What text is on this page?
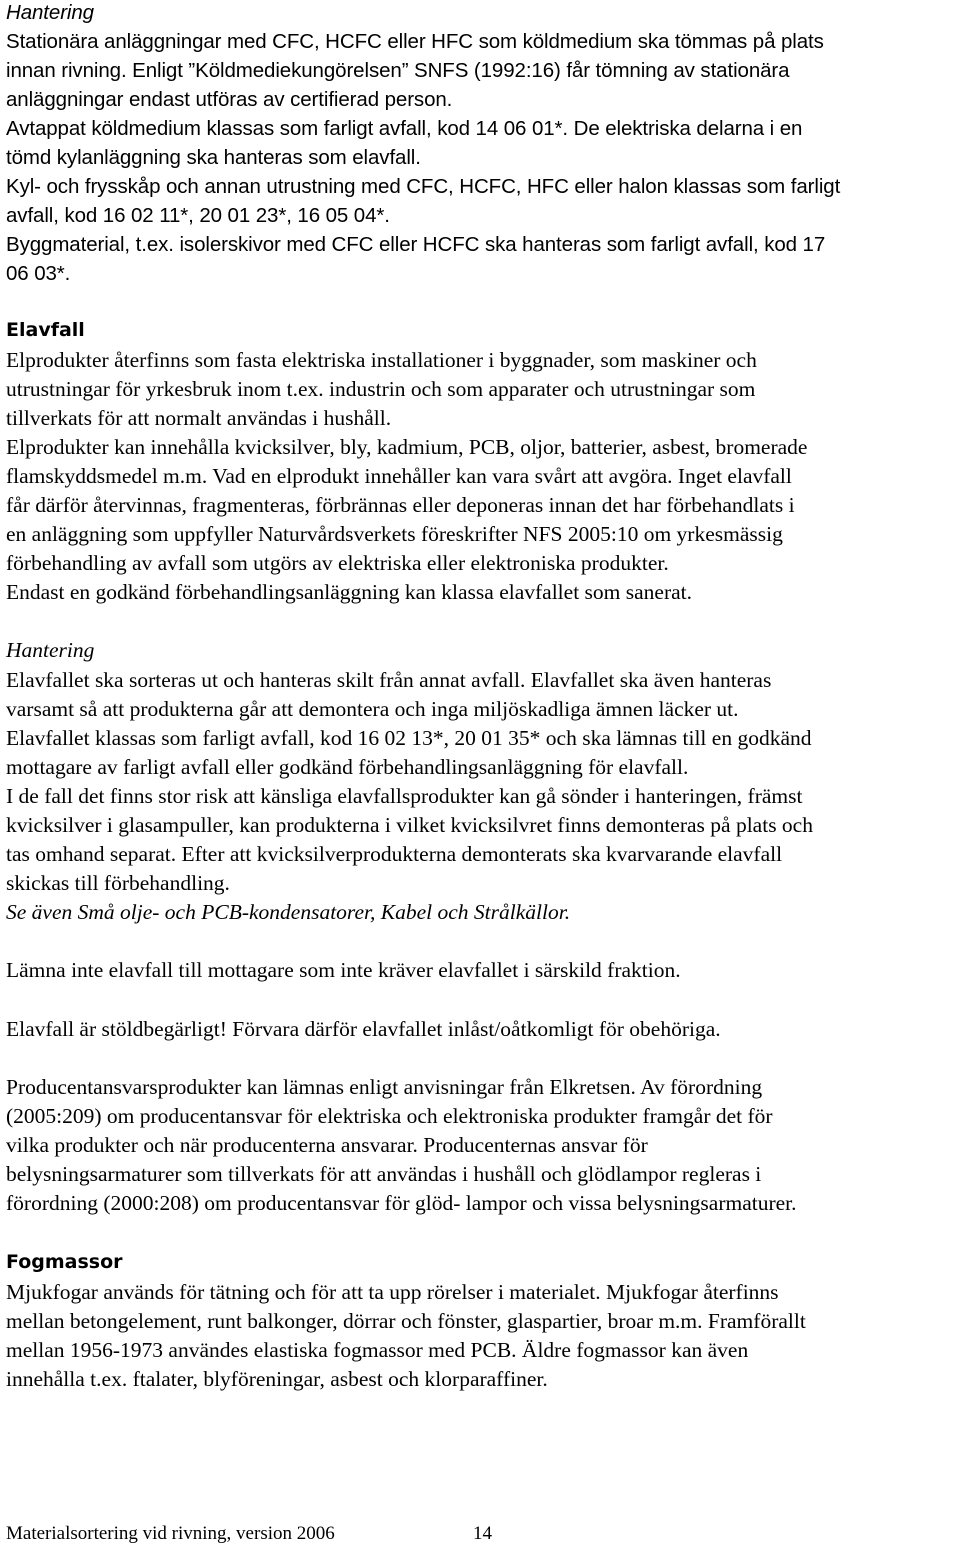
Hantering
Stationära anläggningar med CFC, HCFC eller HFC som köldmedium ska tömmas på plats
innan rivning. Enligt ”Köldmediekungörelsen” SNFS (1992:16) får tömning av stationära
anläggningar endast utföras av certifierad person.
Avtappat köldmedium klassas som farligt avfall, kod 14 06 01*. De elektriska delarna i en
tömd kylanläggning ska hanteras som elavfall.
Kyl- och frysskåp och annan utrustning med CFC, HCFC, HFC eller halon klassas som farligt
avfall, kod 16 02 11*, 20 01 23*, 16 05 04*.
Byggmaterial, t.ex. isolerskivor med CFC eller HCFC ska hanteras som farligt avfall, kod 17
06 03*.
Elavfall
Elprodukter återfinns som fasta elektriska installationer i byggnader, som maskiner och
utrustningar för yrkesbruk inom t.ex. industrin och som apparater och utrustningar som
tillverkats för att normalt användas i hushåll.
Elprodukter kan innehålla kvicksilver, bly, kadmium, PCB, oljor, batterier, asbest, bromerade
flamskyddsmedel m.m. Vad en elprodukt innehåller kan vara svårt att avgöra. Inget elavfall
får därför återvinnas, fragmenteras, förbrännas eller deponeras innan det har förbehandlats i
en anläggning som uppfyller Naturvårdsverkets föreskrifter NFS 2005:10 om yrkesmässig
förbehandling av avfall som utgörs av elektriska eller elektroniska produkter.
Endast en godkänd förbehandlingsanläggning kan klassa elavfallet som sanerat.
Hantering
Elavfallet ska sorteras ut och hanteras skilt från annat avfall. Elavfallet ska även hanteras
varsamt så att produkterna går att demontera och inga miljöskadliga ämnen läcker ut.
Elavfallet klassas som farligt avfall, kod 16 02 13*, 20 01 35* och ska lämnas till en godkänd
mottagare av farligt avfall eller godkänd förbehandlingsanläggning för elavfall.
I de fall det finns stor risk att känsliga elavfallsprodukter kan gå sönder i hanteringen, främst
kvicksilver i glasampuller, kan produkterna i vilket kvicksilvret finns demonteras på plats och
tas omhand separat. Efter att kvicksilverprodukterna demonterats ska kvarvarande elavfall
skickas till förbehandling.
Se även Små olje- och PCB-kondensatorer, Kabel och Strålkällor.
Lämna inte elavfall till mottagare som inte kräver elavfallet i särskild fraktion.
Elavfall är stöldbegärligt! Förvara därför elavfallet inlåst/oåtkomligt för obehöriga.
Producentansvarsprodukter kan lämnas enligt anvisningar från Elkretsen. Av förordning
(2005:209) om producentansvar för elektriska och elektroniska produkter framgår det för
vilka produkter och när producenterna ansvarar. Producenternas ansvar för
belysningsarmaturer som tillverkats för att användas i hushåll och glödlampor regleras i
förordning (2000:208) om producentansvar för glöd- lampor och vissa belysningsarmaturer.
Fogmassor
Mjukfogar används för tätning och för att ta upp rörelser i materialet. Mjukfogar återfinns
mellan betongelement, runt balkonger, dörrar och fönster, glaspartier, broar m.m. Framförallt
mellan 1956-1973 användes elastiska fogmassor med PCB. Äldre fogmassor kan även
innehålla t.ex. ftalater, blyföreningar, asbest och klorparaffiner.
Materialsortering vid rivning, version 2006	14
